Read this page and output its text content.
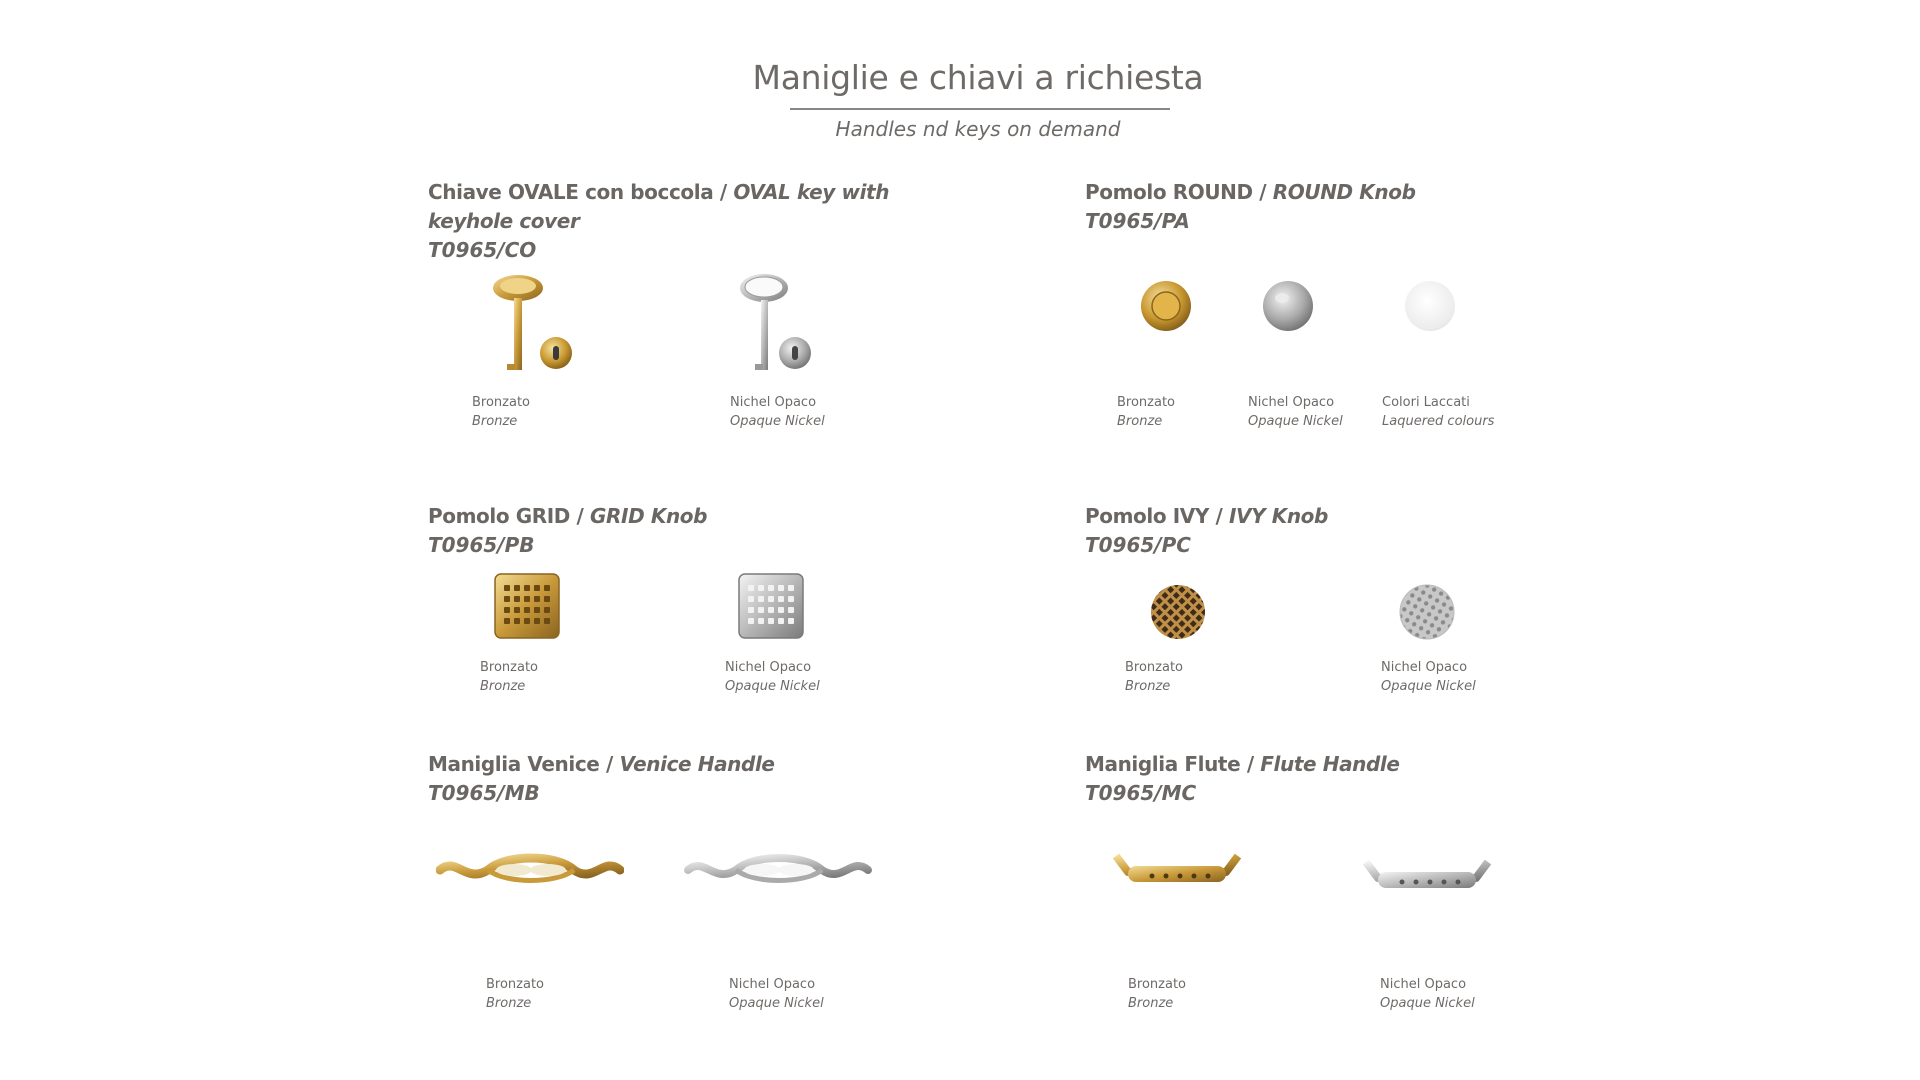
Maniglie e chiavi a richiesta
Handles nd keys on demand
Chiave OVALE con boccola / OVAL key with
keyhole cover
T0965/CO
Bronzato
Bronze
Nichel Opaco
Opaque Nickel
Pomolo ROUND / ROUND Knob
T0965/PA
Bronzato
Bronze
Nichel Opaco
Opaque Nickel
Colori Laccati
Laquered colours
Pomolo GRID / GRID Knob
T0965/PB
Bronzato
Bronze
Nichel Opaco
Opaque Nickel
Pomolo IVY / IVY Knob
T0965/PC
Bronzato
Bronze
Nichel Opaco
Opaque Nickel
Maniglia Venice / Venice Handle
T0965/MB
Bronzato
Bronze
Nichel Opaco
Opaque Nickel
Maniglia Flute / Flute Handle
T0965/MC
Bronzato
Bronze
Nichel Opaco
Opaque Nickel
